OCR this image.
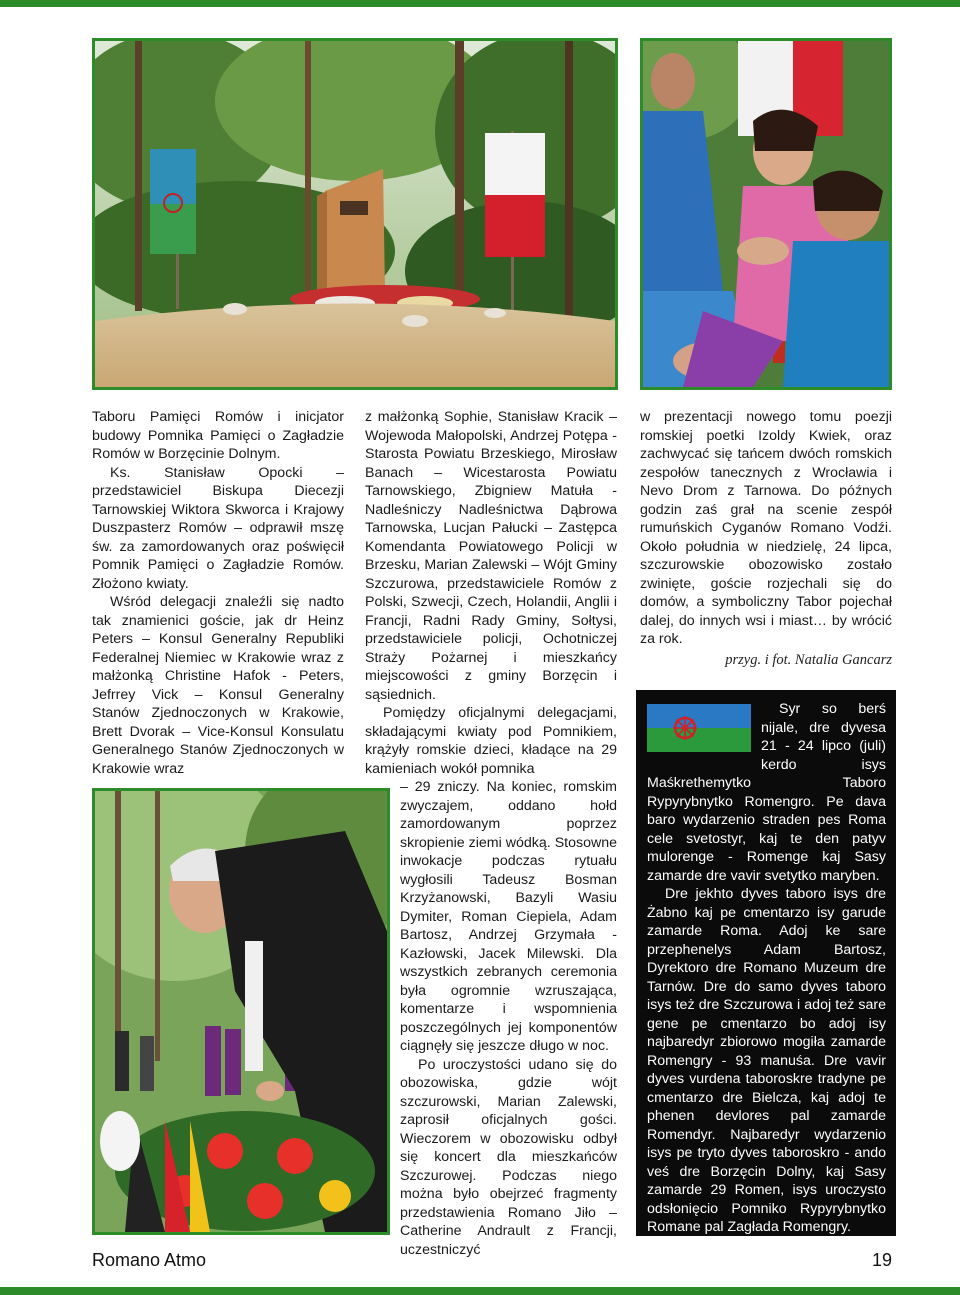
Taboru Pamięci Romów i inicjator budowy Pomnika Pamięci o Zagładzie Romów w Borzęcinie Dolnym.

Ks. Stanisław Opocki – przedstawiciel Biskupa Diecezji Tarnowskiej Wiktora Skworca i Krajowy Duszpasterz Romów – odprawił mszę św. za zamordowanych oraz poświęcił Pomnik Pamięci o Zagładzie Romów. Złożono kwiaty.

Wśród delegacji znaleźli się nadto tak znamienici goście, jak dr Heinz Peters – Konsul Generalny Republiki Federalnej Niemiec w Krakowie wraz z małżonką Christine Hafok - Peters, Jefrrey Vick – Konsul Generalny Stanów Zjednoczonych w Krakowie, Brett Dvorak – Vice-Konsul Konsulatu Generalnego Stanów Zjednoczonych w Krakowie wraz

z małżonką Sophie, Stanisław Kracik – Wojewoda Małopolski, Andrzej Potępa - Starosta Powiatu Brzeskiego, Mirosław Banach – Wicestarosta Powiatu Tarnowskiego, Zbigniew Matuła - Nadleśniczy Nadleśnictwa Dąbrowa Tarnowska, Lucjan Pałucki – Zastępca Komendanta Powiatowego Policji w Brzesku, Marian Zalewski – Wójt Gminy Szczurowa, przedstawiciele Romów z Polski, Szwecji, Czech, Holandii, Anglii i Francji, Radni Rady Gminy, Sołtysi, przedstawiciele policji, Ochotniczej Straży Pożarnej i mieszkańcy miejscowości z gminy Borzęcin i sąsiednich.

Pomiędzy oficjalnymi delegacjami, składającymi kwiaty pod Pomnikiem, krążyły romskie dzieci, kładące na 29 kamieniach wokół pomnika

– 29 zniczy. Na koniec, romskim zwyczajem, oddano hołd zamordowanym poprzez skropienie ziemi wódką. Stosowne inwokacje podczas rytuału wygłosili Tadeusz Bosman Krzyżanowski, Bazyli Wasiu Dymiter, Roman Ciepiela, Adam Bartosz, Andrzej Grzymała - Kazłowski, Jacek Milewski. Dla wszystkich zebranych ceremonia była ogromnie wzruszająca, komentarze i wspomnienia poszczególnych jej komponentów ciągnęły się jeszcze długo w noc.

Po uroczystości udano się do obozowiska, gdzie wójt szczurowski, Marian Zalewski, zaprosił oficjalnych gości. Wieczorem w obozowisku odbył się koncert dla mieszkańców Szczurowej. Podczas niego można było obejrzeć fragmenty przedstawienia Romano Jiło – Catherine Andrault z Francji, uczestniczyć

w prezentacji nowego tomu poezji romskiej poetki Izoldy Kwiek, oraz zachwycać się tańcem dwóch romskich zespołów tanecznych z Wrocławia i Nevo Drom z Tarnowa. Do późnych godzin zaś grał na scenie zespół rumuńskich Cyganów Romano Vodźi. Około południa w niedzielę, 24 lipca, szczurowskie obozowisko zostało zwinięte, goście rozjechali się do domów, a symboliczny Tabor pojechał dalej, do innych wsi i miast… by wrócić za rok.

przyg. i fot. Natalia Gancarz

Syr so berś nijale, dre dyvesa 21 - 24 lipco (juli) kerdo isys Maśkrethemytko Taboro Rypyrybnytko Romengro. Pe dava baro wydarzenio straden pes Roma cele svetostyr, kaj te den patyv mulorenge - Romenge kaj Sasy zamarde dre vavir svetytko maryben.

Dre jekhto dyves taboro isys dre Żabno kaj pe cmentarzo isy garude zamarde Roma. Adoj ke sare przephenelys Adam Bartosz, Dyrektoro dre Romano Muzeum dre Tarnów. Dre do samo dyves taboro isys też dre Szczurowa i adoj też sare gene pe cmentarzo bo adoj isy najbaredyr zbiorowo mogiła zamarde Romengry - 93 manuśa. Dre vavir dyves vurdena taboroskre tradyne pe cmentarzo dre Bielcza, kaj adoj te phenen devlores pal zamarde Romendyr. Najbaredyr wydarzenio isys pe tryto dyves taboroskro - ando veś dre Borzęcin Dolny, kaj Sasy zamarde 29 Romen, isys uroczysto odsłonięcio Pomniko Rypyrybnytko Romane pal Zagłada Romengry.

Romano Atmo	19
